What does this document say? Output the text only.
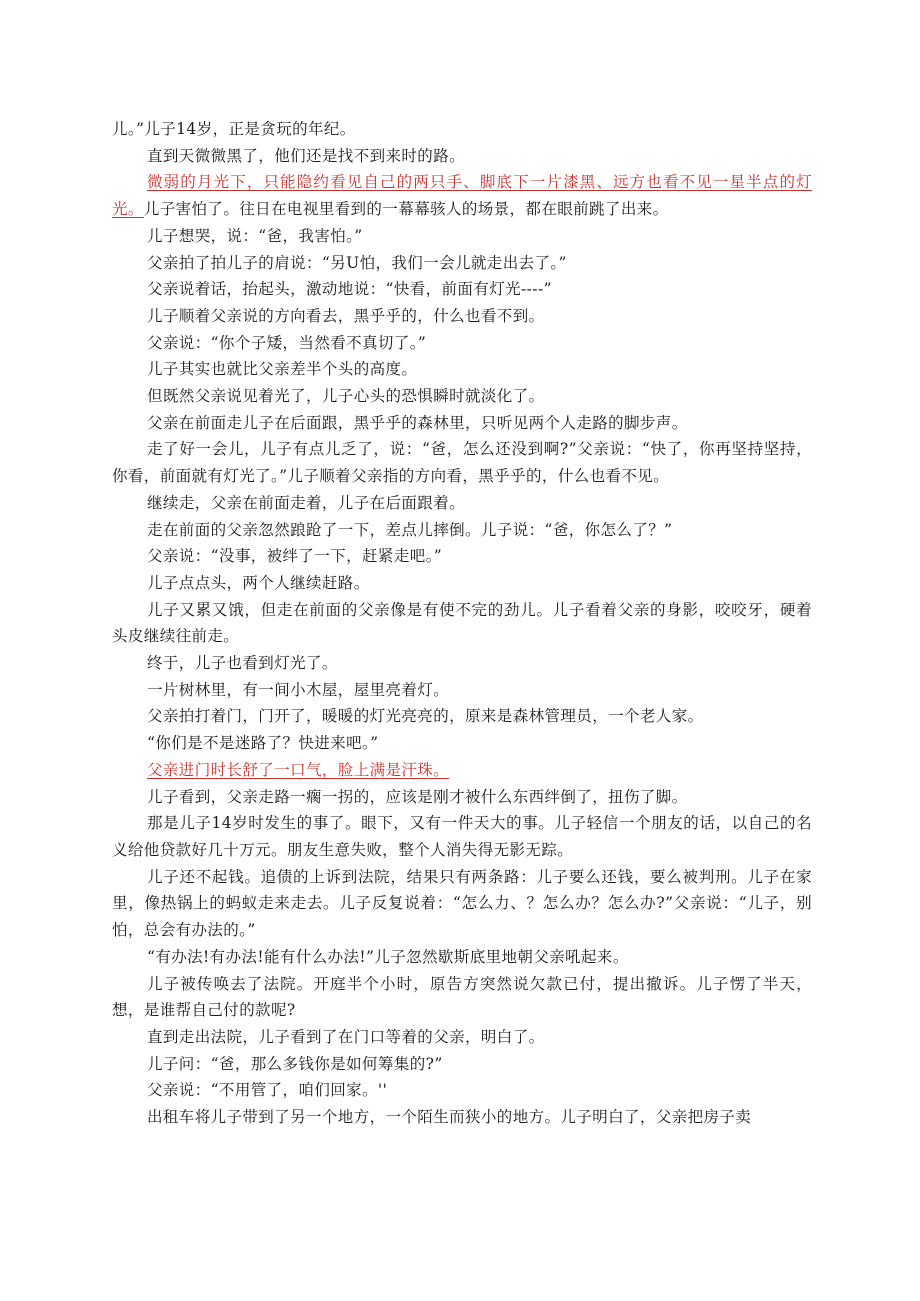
儿。”儿子14岁，正是贪玩的年纪。

直到天微微黑了，他们还是找不到来时的路。

微弱的月光下，只能隐约看见自己的两只手、脚底下一片漆黑、远方也看不见一星半点的灯光。儿子害怕了。往日在电视里看到的一幕幕骇人的场景，都在眼前跳了出来。

儿子想哭，说：“爸，我害怕。”

父亲拍了拍儿子的肩说：“另U怕，我们一会儿就走出去了。”

父亲说着话，抬起头，激动地说：“快看，前面有灯光----”

儿子顺着父亲说的方向看去，黑乎乎的，什么也看不到。

父亲说：“你个子矮，当然看不真切了。”

儿子其实也就比父亲差半个头的高度。

但既然父亲说见着光了，儿子心头的恐惧瞬时就淡化了。

父亲在前面走儿子在后面跟，黑乎乎的森林里，只听见两个人走路的脚步声。

走了好一会儿，儿子有点儿乏了，说：“爸，怎么还没到啊?”父亲说：“快了，你再坚持坚持，你看，前面就有灯光了。”儿子顺着父亲指的方向看，黑乎乎的，什么也看不见。

继续走，父亲在前面走着，儿子在后面跟着。

走在前面的父亲忽然踉跄了一下，差点儿摔倒。儿子说：“爸，你怎么了？”

父亲说：“没事，被绊了一下，赶紧走吧。”

儿子点点头，两个人继续赶路。

儿子又累又饿，但走在前面的父亲像是有使不完的劲儿。儿子看着父亲的身影，咬咬牙，硬着头皮继续往前走。

终于，儿子也看到灯光了。

一片树林里，有一间小木屋，屋里亮着灯。

父亲拍打着门，门开了，暖暖的灯光亮亮的，原来是森林管理员，一个老人家。

“你们是不是迷路了？快进来吧。”

父亲进门时长舒了一口气，脸上满是汗珠。

儿子看到，父亲走路一瘸一拐的，应该是刚才被什么东西绊倒了，扭伤了脚。

那是儿子14岁时发生的事了。眼下，又有一件天大的事。儿子轻信一个朋友的话，以自己的名义给他贷款好几十万元。朋友生意失败，整个人消失得无影无踪。

儿子还不起钱。追债的上诉到法院，结果只有两条路：儿子要么还钱，要么被判刑。儿子在家里，像热锅上的蚂蚁走来走去。儿子反复说着：“怎么力、？怎么办？怎么办?”父亲说：“儿子，别怕，总会有办法的。”

“有办法!有办法!能有什么办法!”儿子忽然歇斯底里地朝父亲吼起来。

儿子被传唤去了法院。开庭半个小时，原告方突然说欠款已付，提出撤诉。儿子愣了半天，想，是谁帮自己付的款呢?

直到走出法院，儿子看到了在门口等着的父亲，明白了。

儿子问：“爸，那么多钱你是如何筹集的?”

父亲说：“不用管了，咱们回家。''

出租车将儿子带到了另一个地方，一个陌生而狭小的地方。儿子明白了，父亲把房子卖
